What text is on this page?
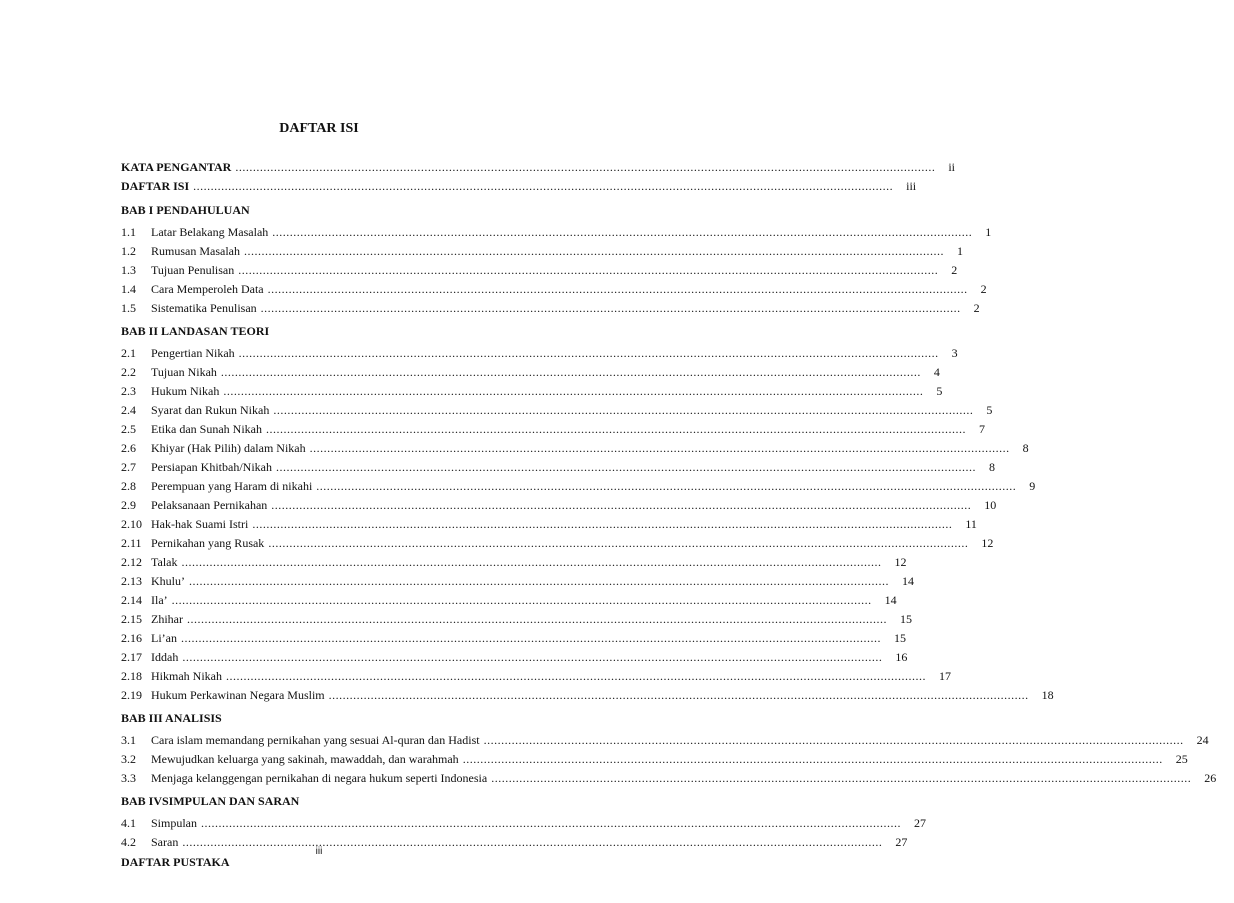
DAFTAR ISI
KATA PENGANTAR ........................................................................................................................................................................................................	ii
DAFTAR ISI ........................................................................................................................................................................................................	iii
BAB I PENDAHULUAN
1.1	Latar Belakang Masalah ........................................................................................................................................................................................................	1
1.2	Rumusan Masalah ........................................................................................................................................................................................................	1
1.3	Tujuan Penulisan ........................................................................................................................................................................................................	2
1.4	Cara Memperoleh Data ........................................................................................................................................................................................................	2
1.5	Sistematika Penulisan ........................................................................................................................................................................................................	2
BAB II LANDASAN TEORI
2.1	Pengertian Nikah ........................................................................................................................................................................................................	3
2.2	Tujuan Nikah ........................................................................................................................................................................................................	4
2.3	Hukum Nikah ........................................................................................................................................................................................................	5
2.4	Syarat dan Rukun Nikah ........................................................................................................................................................................................................	5
2.5	Etika dan Sunah Nikah ........................................................................................................................................................................................................	7
2.6	Khiyar (Hak Pilih) dalam Nikah ........................................................................................................................................................................................................	8
2.7	Persiapan Khitbah/Nikah ........................................................................................................................................................................................................	8
2.8	Perempuan yang Haram di nikahi ........................................................................................................................................................................................................	9
2.9	Pelaksanaan Pernikahan ........................................................................................................................................................................................................	10
2.10 Hak-hak Suami Istri ........................................................................................................................................................................................................	11
2.11 Pernikahan yang Rusak ........................................................................................................................................................................................................	12
2.12 Talak ........................................................................................................................................................................................................	12
2.13 Khulu’ ........................................................................................................................................................................................................	14
2.14 Ila’ ........................................................................................................................................................................................................	14
2.15 Zhihar ........................................................................................................................................................................................................	15
2.16 Li’an ........................................................................................................................................................................................................	15
2.17 Iddah ........................................................................................................................................................................................................	16
2.18 Hikmah Nikah ........................................................................................................................................................................................................	17
2.19 Hukum Perkawinan Negara Muslim ........................................................................................................................................................................................................	18
BAB III ANALISIS
3.1	Cara islam memandang pernikahan yang sesuai Al-quran dan Hadist ........................................................................................................................................................................................................	24
3.2	Mewujudkan keluarga yang sakinah, mawaddah, dan warahmah ........................................................................................................................................................................................................	25
3.3	Menjaga kelanggengan pernikahan di negara hukum seperti Indonesia ........................................................................................................................................................................................................	26
BAB IVSIMPULAN DAN SARAN
4.1	Simpulan ........................................................................................................................................................................................................	27
4.2	Saran ........................................................................................................................................................................................................	27
DAFTAR PUSTAKA
iii
